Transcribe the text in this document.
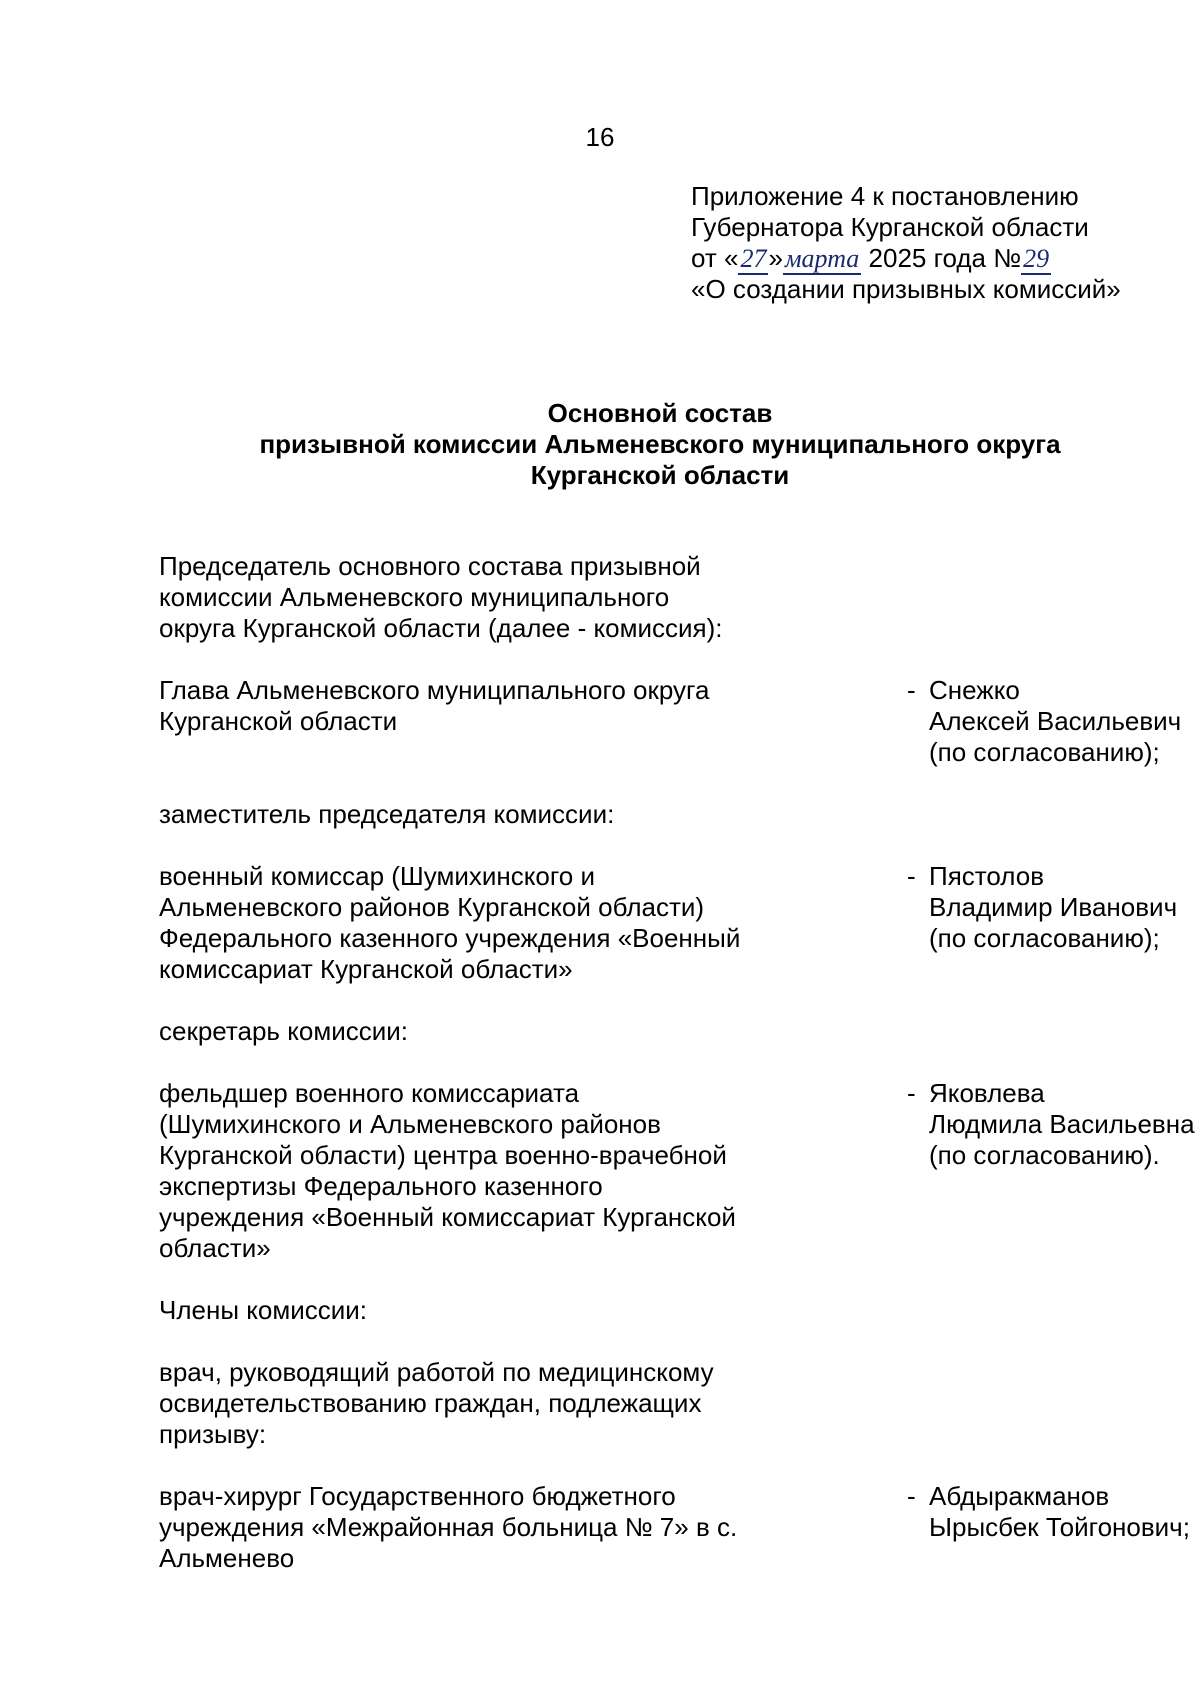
16
Приложение 4 к постановлению
Губернатора Курганской области
от «27»марта 2025 года №29
«О создании призывных комиссий»
Основной состав
призывной комиссии Альменевского муниципального округа
Курганской области
Председатель основного состава призывной комиссии Альменевского муниципального округа Курганской области (далее - комиссия):
Глава Альменевского муниципального округа Курганской области
- Снежко
Алексей Васильевич
(по согласованию);
заместитель председателя комиссии:
военный комиссар (Шумихинского и Альменевского районов Курганской области) Федерального казенного учреждения «Военный комиссариат Курганской области»
- Пястолов
Владимир Иванович
(по согласованию);
секретарь комиссии:
фельдшер военного комиссариата (Шумихинского и Альменевского районов Курганской области) центра военно-врачебной экспертизы Федерального казенного учреждения «Военный комиссариат Курганской области»
- Яковлева
Людмила Васильевна
(по согласованию).
Члены комиссии:
врач, руководящий работой по медицинскому освидетельствованию граждан, подлежащих призыву:
врач-хирург Государственного бюджетного учреждения «Межрайонная больница № 7» в с. Альменево
- Абдыракманов
Ырысбек Тойгонович;
